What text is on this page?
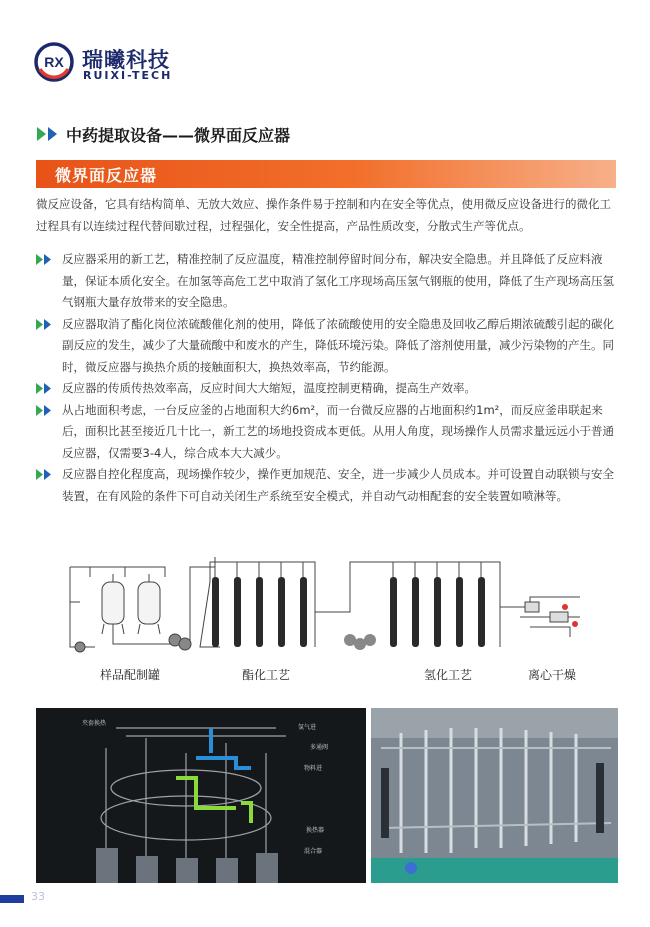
RX 瑞曦科技
RUIXI-TECH
中药提取设备——微界面反应器
微界面反应器
微反应设备，它具有结构简单、无放大效应、操作条件易于控制和内在安全等优点，使用微反应设备进行的微化工过程具有以连续过程代替间歇过程，过程强化，安全性提高，产品性质改变，分散式生产等优点。
反应器采用的新工艺，精准控制了反应温度，精准控制停留时间分布，解决安全隐患。并且降低了反应料液量，保证本质化安全。在加氢等高危工艺中取消了氢化工序现场高压氢气钢瓶的使用，降低了生产现场高压氢气钢瓶大量存放带来的安全隐患。
反应器取消了酯化岗位浓硫酸催化剂的使用，降低了浓硫酸使用的安全隐患及回收乙醇后期浓硫酸引起的碳化副反应的发生，减少了大量硫酸中和废水的产生，降低环境污染。降低了溶剂使用量，减少污染物的产生。同时，微反应器与换热介质的接触面积大，换热效率高，节约能源。
反应器的传质传热效率高，反应时间大大缩短，温度控制更精确，提高生产效率。
从占地面积考虑，一台反应釜的占地面积大约6m²，而一台微反应器的占地面积约1m²，而反应釜串联起来后，面积比甚至接近几十比一，新工艺的场地投资成本更低。从用人角度，现场操作人员需求量远远小于普通反应器，仅需要3-4人，综合成本大大减少。
反应器自控化程度高，现场操作较少，操作更加规范、安全，进一步减少人员成本。并可设置自动联锁与安全装置，在有风险的条件下可自动关闭生产系统至安全模式，并自动气动相配套的安全装置如喷淋等。
样品配制罐	酯化工艺	氢化工艺	离心干燥
夹套换热
氢气进
多通阀
物料进
换热器
混合器
33
